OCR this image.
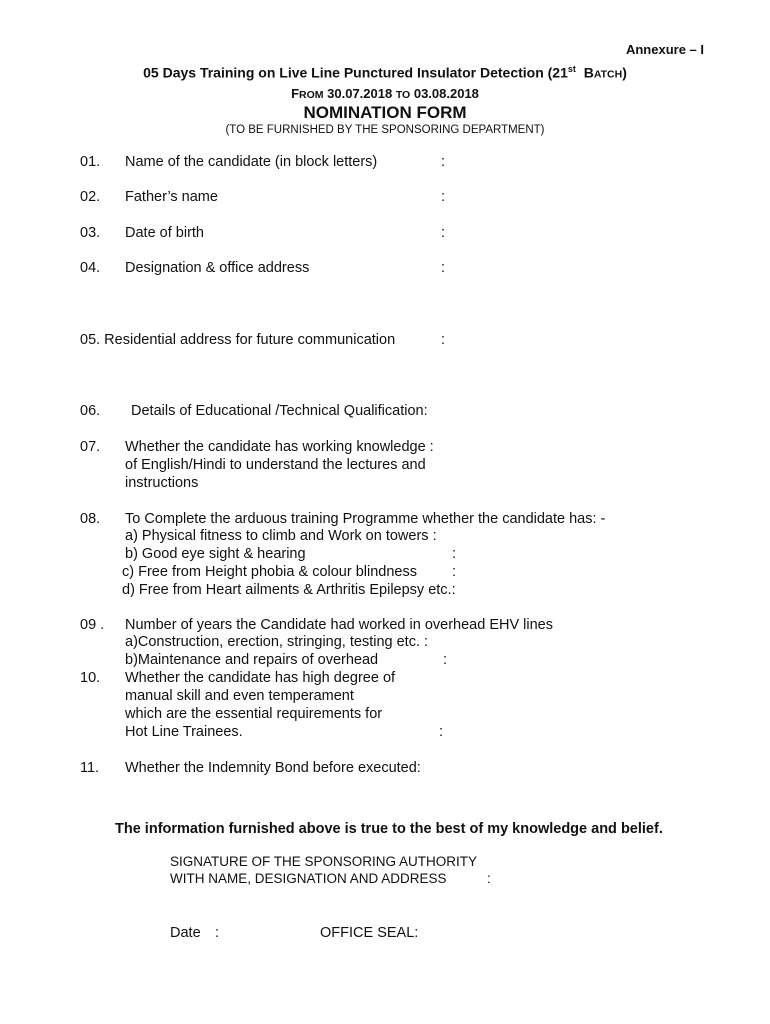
Annexure – I
05 Days Training on Live Line Punctured Insulator Detection (21st BATCH)
FROM 30.07.2018 TO 03.08.2018
NOMINATION FORM
(TO BE FURNISHED BY THE SPONSORING DEPARTMENT)
01. Name of the candidate (in block letters)	:
02. Father’s name	:
03. Date of birth	:
04. Designation & office address	:
05. Residential address for future communication	:
06. Details of Educational /Technical Qualification:
07. Whether the candidate has working knowledge :
of English/Hindi to understand the lectures and
instructions
08. To Complete the arduous training Programme whether the candidate has: -
a) Physical fitness to climb and Work on towers :
b) Good eye sight & hearing	:
c) Free from Height phobia & colour blindness :
d) Free from Heart ailments & Arthritis Epilepsy etc.:
09 . Number of years the Candidate had worked in overhead EHV lines
a)Construction, erection, stringing, testing etc. :
b)Maintenance and repairs of overhead	:
10. Whether the candidate has high degree of
manual skill and even temperament
which are the essential requirements for
Hot Line Trainees.	:
11. Whether the Indemnity Bond before executed:
The information furnished above is true to the best of my knowledge and belief.
SIGNATURE OF THE SPONSORING AUTHORITY
WITH NAME, DESIGNATION AND ADDRESS	:
Date :	OFFICE SEAL:
